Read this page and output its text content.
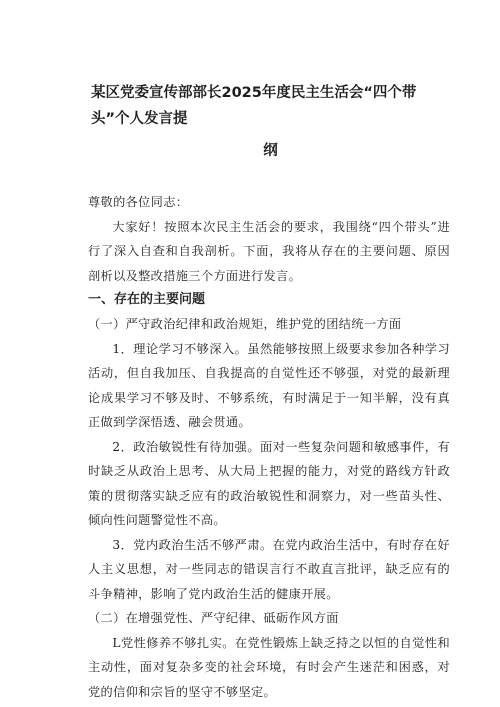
某区党委宣传部部长2025年度民主生活会“四个带头”个人发言提
纲

尊敬的各位同志：

大家好！按照本次民主生活会的要求，我围绕“四个带头”进行了深入自查和自我剖析。下面，我将从存在的主要问题、原因剖析以及整改措施三个方面进行发言。

一、存在的主要问题

（一）严守政治纪律和政治规矩，维护党的团结统一方面

1．理论学习不够深入。虽然能够按照上级要求参加各种学习活动，但自我加压、自我提高的自觉性还不够强，对党的最新理论成果学习不够及时、不够系统，有时满足于一知半解，没有真正做到学深悟透、融会贯通。

2．政治敏锐性有待加强。面对一些复杂问题和敏感事件，有时缺乏从政治上思考、从大局上把握的能力，对党的路线方针政策的贯彻落实缺乏应有的政治敏锐性和洞察力，对一些苗头性、倾向性问题警觉性不高。

3．党内政治生活不够严肃。在党内政治生活中，有时存在好人主义思想，对一些同志的错误言行不敢直言批评，缺乏应有的斗争精神，影响了党内政治生活的健康开展。

（二）在增强党性、严守纪律、砥砺作风方面

L党性修养不够扎实。在党性锻炼上缺乏持之以恒的自觉性和主动性，面对复杂多变的社会环境，有时会产生迷茫和困惑，对党的信仰和宗旨的坚守不够坚定。
